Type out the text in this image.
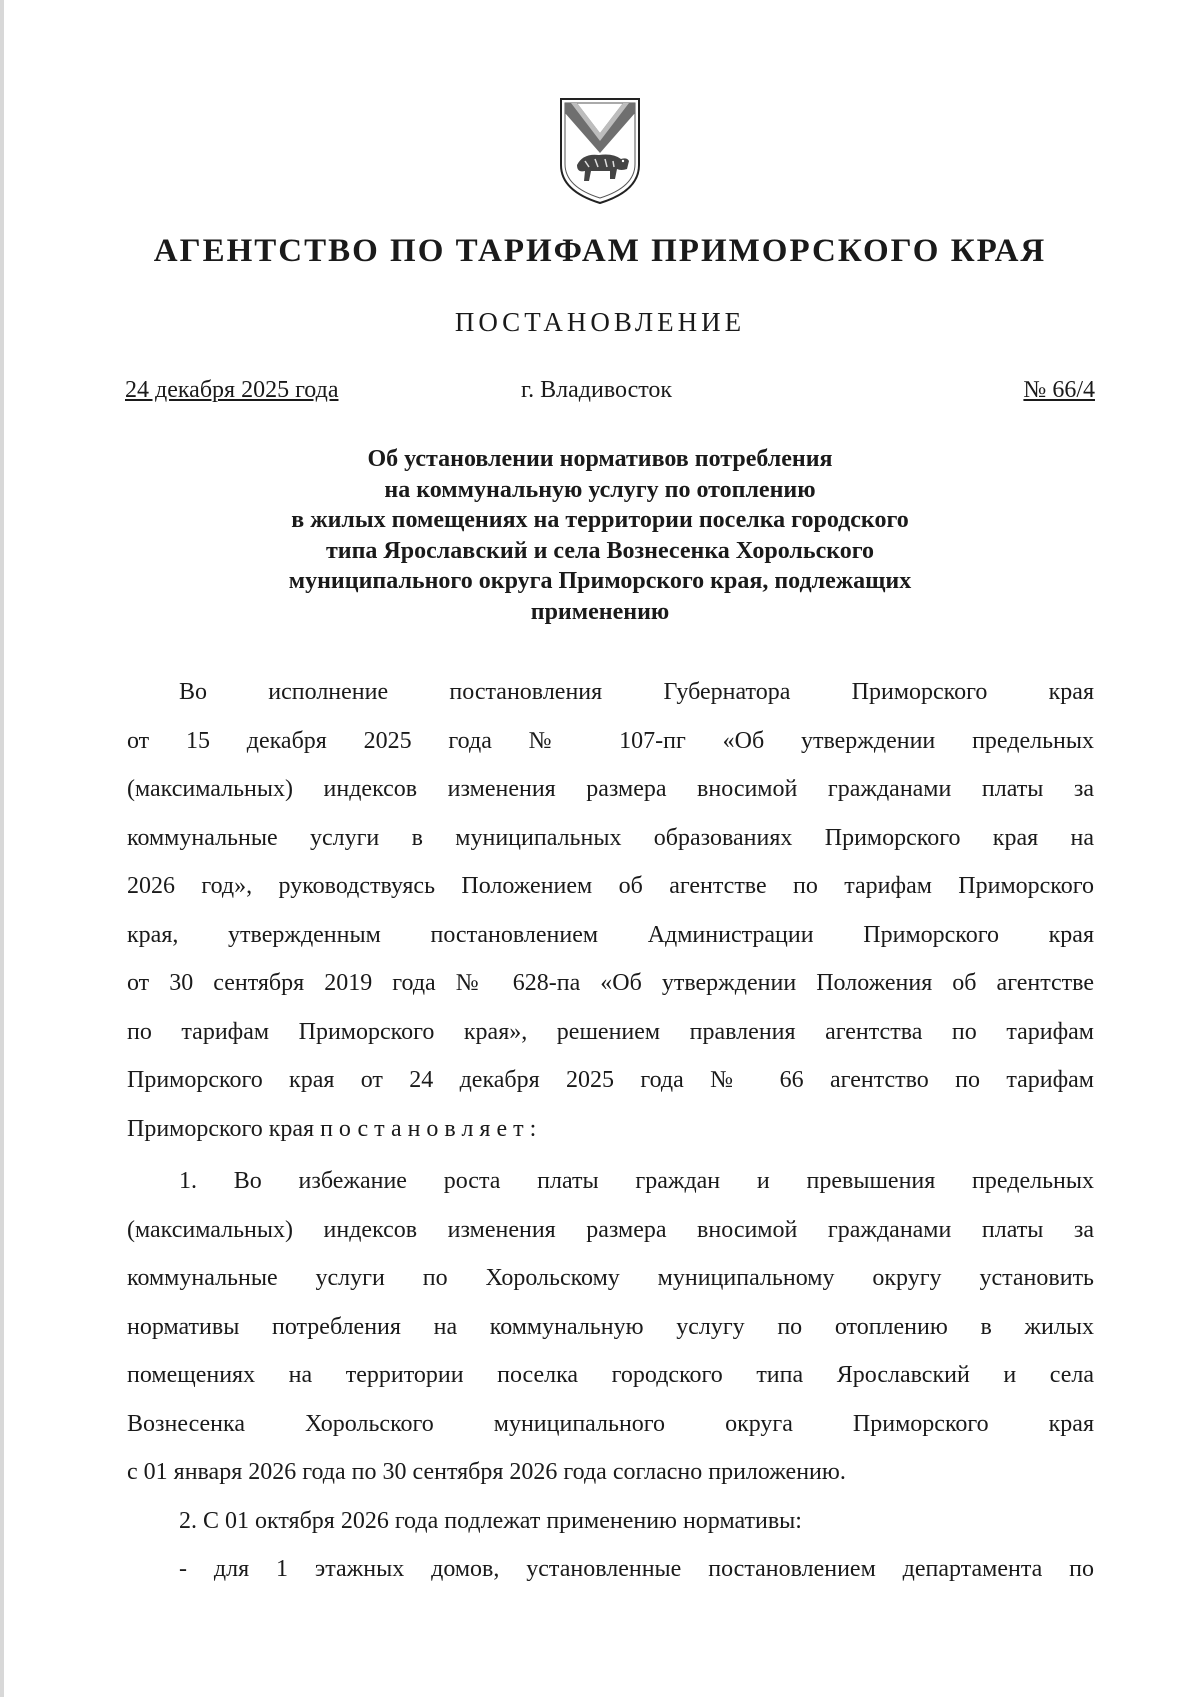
АГЕНТСТВО ПО ТАРИФАМ ПРИМОРСКОГО КРАЯ
ПОСТАНОВЛЕНИЕ
24 декабря 2025 года	г. Владивосток	№ 66/4
Об установлении нормативов потребления
на коммунальную услугу по отоплению
в жилых помещениях на территории поселка городского
типа Ярославский и села Вознесенка Хорольского
муниципального округа Приморского края, подлежащих
применению
Во исполнение постановления Губернатора Приморского края
от 15 декабря 2025 года № 107-пг «Об утверждении предельных
(максимальных) индексов изменения размера вносимой гражданами платы за
коммунальные услуги в муниципальных образованиях Приморского края на
2026 год», руководствуясь Положением об агентстве по тарифам Приморского
края, утвержденным постановлением Администрации Приморского края
от 30 сентября 2019 года № 628-па «Об утверждении Положения об агентстве
по тарифам Приморского края», решением правления агентства по тарифам
Приморского края от 24 декабря 2025 года № 66 агентство по тарифам
Приморского края постановляет:
1. Во избежание роста платы граждан и превышения предельных
(максимальных) индексов изменения размера вносимой гражданами платы за
коммунальные услуги по Хорольскому муниципальному округу установить
нормативы потребления на коммунальную услугу по отоплению в жилых
помещениях на территории поселка городского типа Ярославский и села
Вознесенка Хорольского муниципального округа Приморского края
с 01 января 2026 года по 30 сентября 2026 года согласно приложению.
2. С 01 октября 2026 года подлежат применению нормативы:
- для 1 этажных домов, установленные постановлением департамента по
